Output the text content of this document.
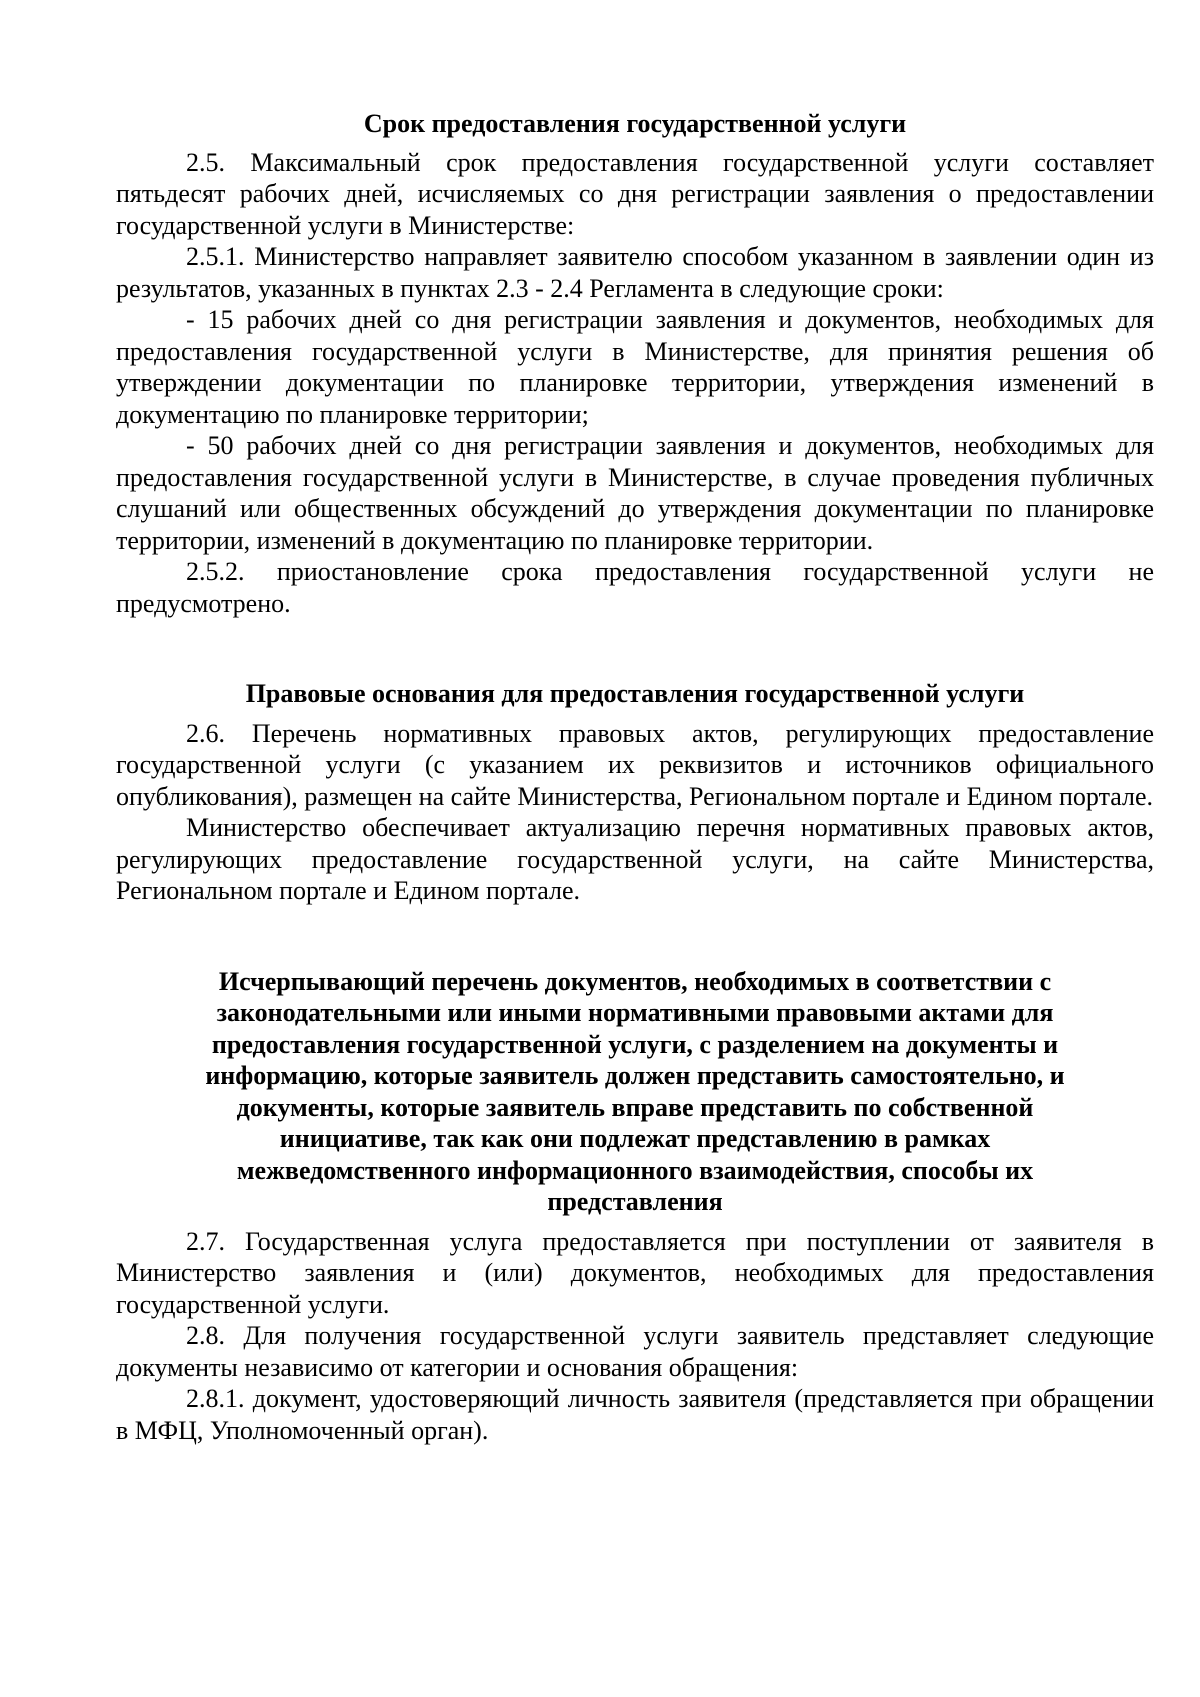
Срок предоставления государственной услуги

2.5. Максимальный срок предоставления государственной услуги составляет пятьдесят рабочих дней, исчисляемых со дня регистрации заявления о предоставлении государственной услуги в Министерстве:

2.5.1. Министерство направляет заявителю способом указанном в заявлении один из результатов, указанных в пунктах 2.3 - 2.4 Регламента в следующие сроки:

- 15 рабочих дней со дня регистрации заявления и документов, необходимых для предоставления государственной услуги в Министерстве, для принятия решения об утверждении документации по планировке территории, утверждения изменений в документацию по планировке территории;

- 50 рабочих дней со дня регистрации заявления и документов, необходимых для предоставления государственной услуги в Министерстве, в случае проведения публичных слушаний или общественных обсуждений до утверждения документации по планировке территории, изменений в документацию по планировке территории.

2.5.2. приостановление срока предоставления государственной услуги не предусмотрено.

Правовые основания для предоставления государственной услуги

2.6. Перечень нормативных правовых актов, регулирующих предоставление государственной услуги (с указанием их реквизитов и источников официального опубликования), размещен на сайте Министерства, Региональном портале и Едином портале.

Министерство обеспечивает актуализацию перечня нормативных правовых актов, регулирующих предоставление государственной услуги, на сайте Министерства, Региональном портале и Едином портале.

Исчерпывающий перечень документов, необходимых в соответствии с законодательными или иными нормативными правовыми актами для предоставления государственной услуги, с разделением на документы и информацию, которые заявитель должен представить самостоятельно, и документы, которые заявитель вправе представить по собственной инициативе, так как они подлежат представлению в рамках межведомственного информационного взаимодействия, способы их представления

2.7. Государственная услуга предоставляется при поступлении от заявителя в Министерство заявления и (или) документов, необходимых для предоставления государственной услуги.

2.8. Для получения государственной услуги заявитель представляет следующие документы независимо от категории и основания обращения:

2.8.1. документ, удостоверяющий личность заявителя (представляется при обращении в МФЦ, Уполномоченный орган).
